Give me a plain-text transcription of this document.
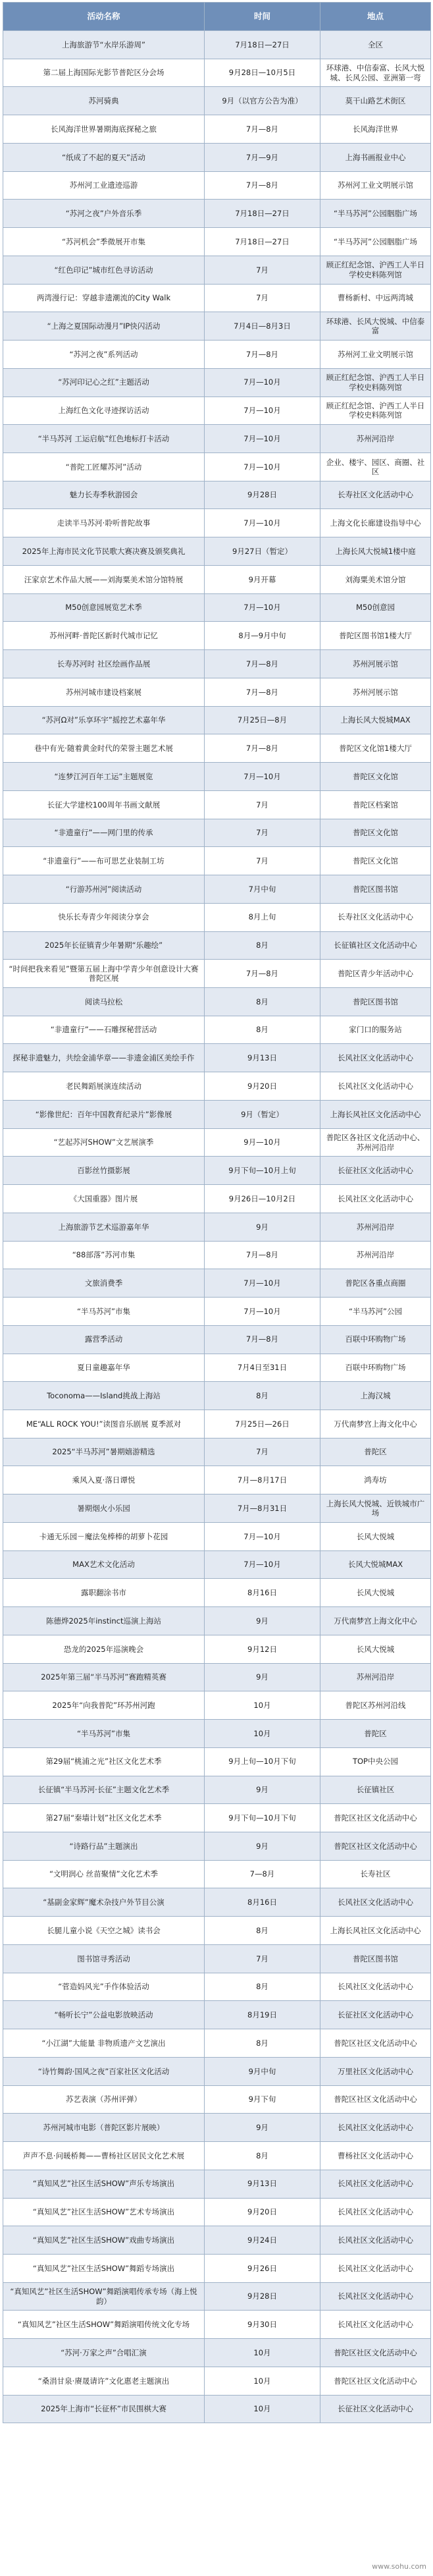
活动名称	时间	地点
上海旅游节“水岸乐游周”	7月18日—27日	全区
第二届上海国际光影节普陀区分会场	9月28日—10月5日	环球港、中信泰富、长风大悦城、长风公园、亚洲第一弯
苏河骑典	9月（以官方公告为准）	莫干山路艺术街区
长风海洋世界暑期海底探秘之旅	7月—8月	长风海洋世界
“纸成了不起的夏天”活动	7月—9月	上海书画报业中心
苏州河工业遗迹巡游	7月—8月	苏州河工业文明展示馆
“苏河之夜”户外音乐季	7月18日—27日	“半马苏河”公园胭脂广场
“苏河机会”季微展开市集	7月18日—27日	“半马苏河”公园胭脂广场
“红色印记”城市红色寻访活动	7月	顾正红纪念馆、沪西工人半日学校史料陈列馆
两湾漫行记：穿越非遗潮流的City Walk	7月	曹杨新村、中远两湾城
“上海之夏国际动漫月”IP快闪活动	7月4日—8月3日	环球港、长风大悦城、中信泰富
“苏河之夜”系列活动	7月—8月	苏州河工业文明展示馆
“苏河印记心之红”主题活动	7月—10月	顾正红纪念馆、沪西工人半日学校史料陈列馆
上海红色文化寻迹探访活动	7月—10月	顾正红纪念馆、沪西工人半日学校史料陈列馆
“半马苏河 工运启航”红色地标打卡活动	7月—10月	苏州河沿岸
“普陀工匠耀苏河”活动	7月—10月	企业、楼宇、园区、商圈、社区
魅力长寿季秋游园会	9月28日	长寿社区文化活动中心
走读半马苏河·聆听普陀故事	7月—10月	上海文化长廊建设指导中心
2025年上海市民文化节民歌大赛决赛及颁奖典礼	9月27日（暂定）	上海长风大悦城1楼中庭
汪家京艺术作品大展——刘海粟美术馆分馆特展	9月开幕	刘海粟美术馆分馆
M50创意园展览艺术季	7月—10月	M50创意园
苏州河畔·普陀区新时代城市记忆	8月—9月中旬	普陀区图书馆1楼大厅
长寿苏河时 社区绘画作品展	7月—8月	苏州河展示馆
苏州河城市建设档案展	7月—8月	苏州河展示馆
“苏河Ω对”乐享环宇”摇控艺术嘉年华	7月25日—8月	上海长风大悦城MAX
巷中有光·随着黄金时代的荣誉主题艺术展	7月—8月	普陀区文化馆1楼大厅
“连梦江河百年工运”主题展览	7月—10月	普陀区文化馆
长征大学建校100周年书画文献展	7月	普陀区档案馆
“非遗童行”——网门里的传承	7月	普陀区文化馆
“非遗童行”——布可思艺业装制工坊	7月	普陀区文化馆
“行游苏州河”阅读活动	7月中旬	普陀区图书馆
快乐长寿青少年阅读分享会	8月上旬	长寿社区文化活动中心
2025年长征镇青少年暑期“乐趣绘”	8月	长征镇社区文化活动中心
“时间把我来看见”暨第五届上海中学青少年创意设计大赛普陀区展	7月—8月	普陀区青少年活动中心
阅读马拉松	8月	普陀区图书馆
“非遗童行”——石雕探秘营活动	8月	家门口的服务站
探秘非遗魅力，共绘金浦华章——非遗金浦区美绘手作	9月13日	长风社区文化活动中心
老民舞蹈展演连续活动	9月20日	长风社区文化活动中心
“影像世纪：百年中国教育纪录片”影像展	9月（暂定）	上海长风社区文化活动中心
“艺起苏河SHOW”文艺展演季	9月—10月	普陀区各社区文化活动中心、苏州河沿岸
百影丝竹摄影展	9月下旬—10月上旬	长征社区文化活动中心
《大国重器》图片展	9月26日—10月2日	长风社区文化活动中心
上海旅游节艺术巡游嘉年华	9月	苏州河沿岸
“88部落”苏河市集	7月—8月	苏州河沿岸
文旅消费季	7月—10月	普陀区各重点商圈
“半马苏河”市集	7月—10月	“半马苏河”公园
露营季活动	7月—8月	百联中环购物广场
夏日童趣嘉年华	7月4日至31日	百联中环购物广场
Toconoma——Island挑战上海站	8月	上海汉城
ME“ALL ROCK YOU!”读图音乐剧展 夏季派对	7月25日—26日	万代南梦宫上海文化中心
2025“半马苏河”暑期嬉游精选	7月	普陀区
乘风入夏·落日谭悦	7月—8月17日	鸿寿坊
暑期烟火小乐园	7月—8月31日	上海长风大悦城、近铁城市广场
卡通无乐园－魔法兔棒棒的胡萝卜花园	7月—10月	长风大悦城
MAX艺术文化活动	7月—10月	长风大悦城MAX
露职翻涂书市	8月16日	长风大悦城
陈德烨2025年instinct巡演上海站	9月	万代南梦宫上海文化中心
恐龙的2025年巡演晚会	9月12日	长风大悦城
2025年第三届“半马苏河”赛跑精英赛	9月	苏州河沿岸
2025年“向我普陀”环苏州河跑	10月	普陀区苏州河沿线
“半马苏河”市集	10月	普陀区
第29届“桃浦之光”社区文化艺术季	9月上旬—10月下旬	TOP中央公园
长征镇“半马苏河·长征”主题文化艺术季	9月	长征镇社区
第27届“秦墙计划”社区文化艺术季	9月下旬—10月下旬	普陀区社区文化活动中心
“诗路行品”主题演出	9月	普陀区社区文化活动中心
“文明润心 丝苗聚情”文化艺术季	7—8月	长寿社区
“基副金家辉”魔术杂技户外节目公演	8月16日	长风社区文化活动中心
长腿儿童小说《天空之城》读书会	8月	上海长风社区文化活动中心
图书馆寻秀活动	7月	普陀区图书馆
“菅造妈风光”手作体验活动	8月	长风社区文化活动中心
“畅听长宁”公益电影放映活动	8月19日	长征社区文化活动中心
“小江湖”大能量 非物质遗产文艺演出	8月	普陀区社区文化活动中心
“诗竹舞韵·国风之夜”百家社区文化活动	9月中旬	万里社区文化活动中心
苏艺表演（苏州评弹）	9月下旬	普陀区社区文化活动中心
苏州河城市电影（普陀区影片展映）	9月	长风社区文化活动中心
声声不息·问暖桥舞——曹杨社区居民文化艺术展	8月	曹杨社区文化活动中心
“真知风艺”社区生活SHOW”声乐专场演出	9月13日	长风社区文化活动中心
“真知风艺”社区生活SHOW”艺术专场演出	9月20日	长风社区文化活动中心
“真知风艺”社区生活SHOW”戏曲专场演出	9月24日	长风社区文化活动中心
“真知风艺”社区生活SHOW”舞蹈专场演出	9月26日	长风社区文化活动中心
“真知风艺”社区生活SHOW”舞蹈演唱传承专场（海上悦韵）	9月28日	长风社区文化活动中心
“真知风艺”社区生活SHOW”舞蹈演唱传统文化专场	9月30日	长风社区文化活动中心
“苏河·万家之声”合唱汇演	10月	普陀区社区文化活动中心
“桑涓甘泉·赓晟请许”文化惠老主题演出	10月	普陀区社区文化活动中心
2025年上海市“长征杯”市民围棋大赛	10月	长征社区文化活动中心
www.sohu.com
